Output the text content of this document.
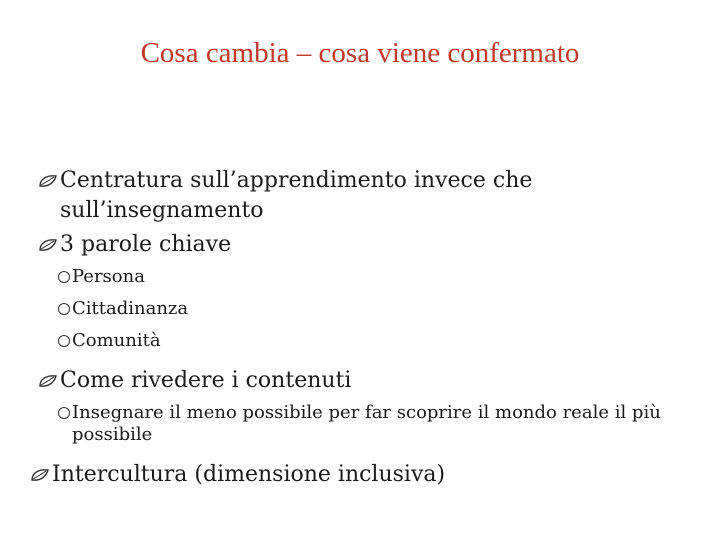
Cosa cambia – cosa viene confermato
Centratura sull’apprendimento invece che sull’insegnamento
3 parole chiave
Persona
Cittadinanza
Comunità
Come rivedere i contenuti
Insegnare il meno possibile per far scoprire il mondo reale il più possibile
Intercultura (dimensione inclusiva)
